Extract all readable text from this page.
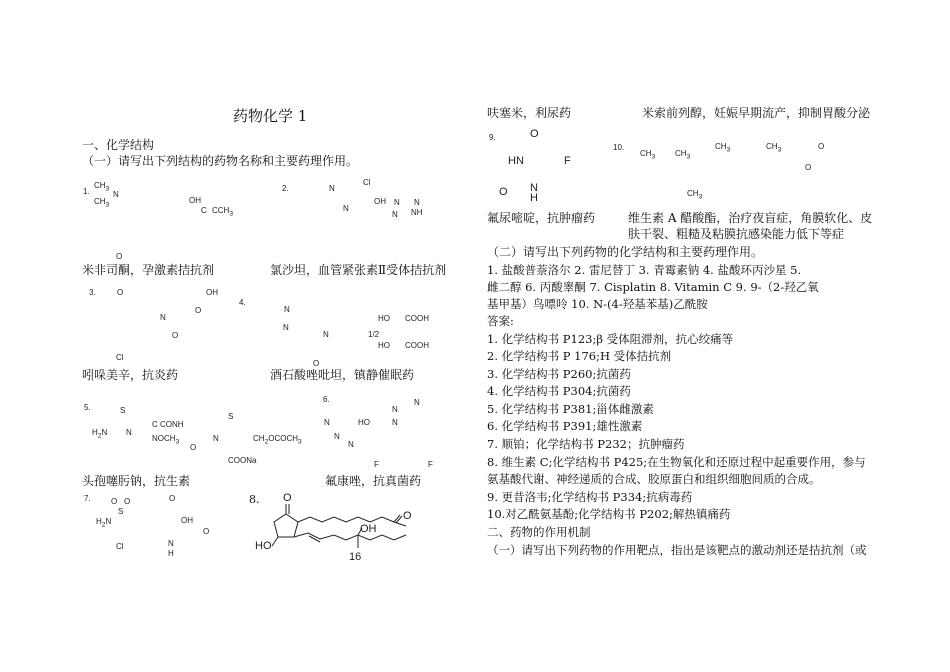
药物化学 1
一、化学结构
（一）请写出下列结构的药物名称和主要药理作用。
1.
$CH_3$
$CH_3$
N
OH
C $CCH_3$
O
2.
Cl
N
N
OH N N
N NH
米非司酮，孕激素拮抗剂	氯沙坦，血管紧张素Ⅱ受体拮抗剂
3.	O	OH
O
N
O
Cl
4.
N
N
N
HO COOH
1/2
HO COOH
O
吲哚美辛，抗炎药	酒石酸唑吡坦，镇静催眠药
5.	S
$H_2N$ N
C CONH
$NOCH_3$
O
S
N	$CH_2OCOCH_3$
COONa
6.	N
N
N	HO	N
N
N
F	F
头孢噻肟钠，抗生素	氟康唑，抗真菌药
7.	O O
S
O
$H_2N$	OH
O
Cl	N
H
8. O
O
HO
OH
16
呋塞米，利尿药	米索前列醇，妊娠早期流产，抑制胃酸分泌
9.	O
HN	F
O N
H
10.
$CH_3$ $CH_3$
$CH_3$	$CH_3$	O
O
$CH_3$
氟尿嘧啶，抗肿瘤药	维生素 A 醋酸酯，治疗夜盲症，角膜软化、皮
肤干裂、粗糙及粘膜抗感染能力低下等症
（二）请写出下列药物的化学结构和主要药理作用。
1. 盐酸普萘洛尔 2. 雷尼替丁 3. 青霉素钠 4. 盐酸环丙沙星 5.
雌二醇 6. 丙酸睾酮 7. Cisplatin 8. Vitamin C 9. 9-（2-羟乙氧
基甲基）鸟嘌呤 10. N-(4-羟基苯基)乙酰胺
答案:
1. 化学结构书 P123;β 受体阻滞剂，抗心绞痛等
2. 化学结构书 P 176;H 受体拮抗剂
3. 化学结构书 P260;抗菌药
4. 化学结构书 P304;抗菌药
5. 化学结构书 P381;甾体雌激素
6. 化学结构书 P391;雄性激素
7. 顺铂；化学结构书 P232；抗肿瘤药
8. 维生素 C;化学结构书 P425;在生物氧化和还原过程中起重要作用，参与
氨基酸代谢、神经递质的合成、胶原蛋白和组织细胞间质的合成。
9. 更昔洛韦;化学结构书 P334;抗病毒药
10.对乙酰氨基酚;化学结构书 P202;解热镇痛药
二、药物的作用机制
（一）请写出下列药物的作用靶点，指出是该靶点的激动剂还是拮抗剂（或
